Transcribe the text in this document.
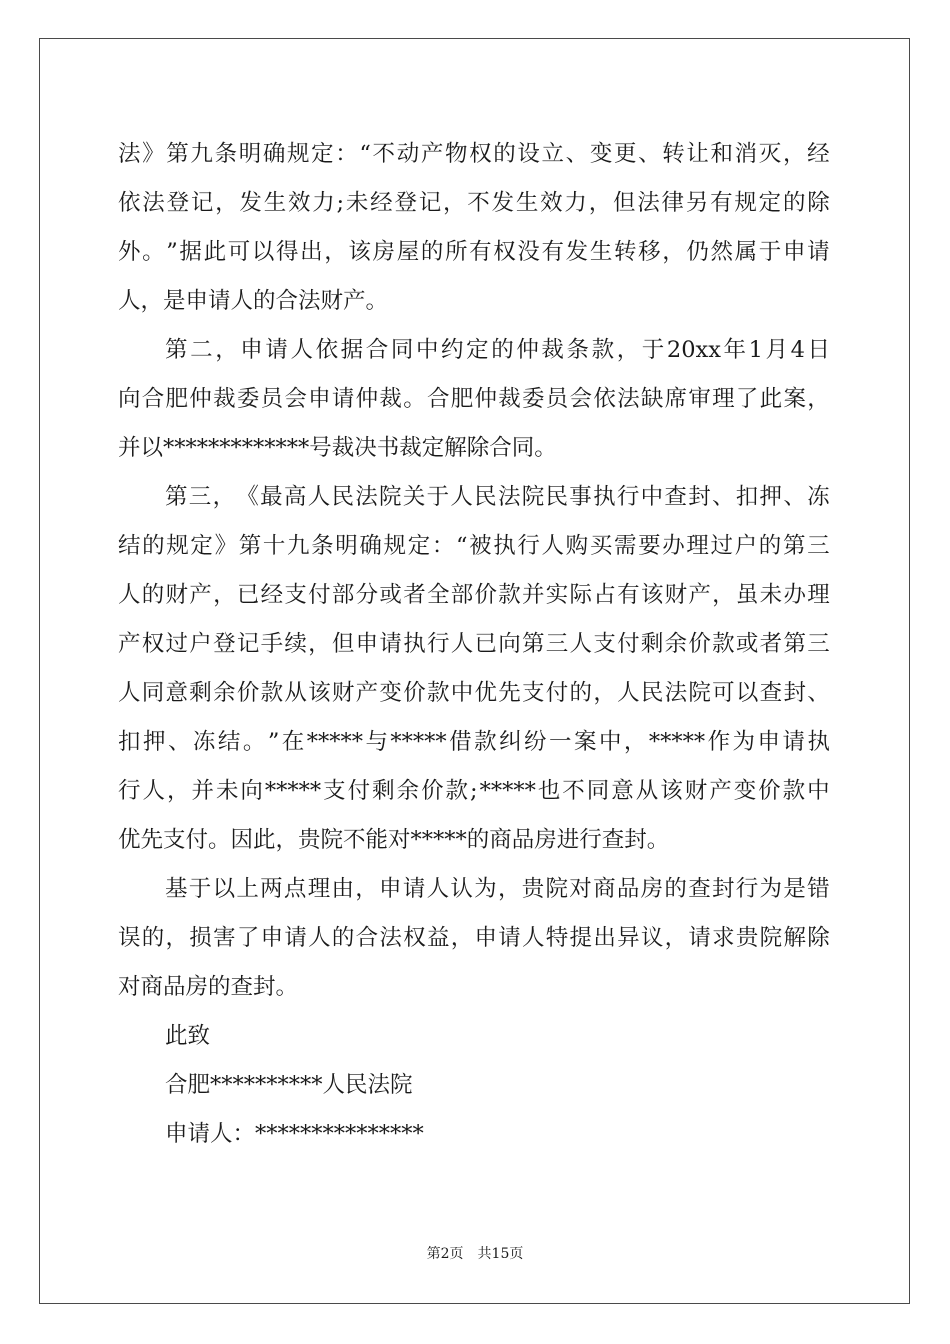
法 》 第 九 条 明 确 规 定 ： “ 不 动 产 物 权 的 设 立 、 变 更 、 转 让 和 消 灭 ， 经
依 法 登 记 ， 发 生 效 力 ; 未 经 登 记 ， 不 发 生 效 力 ， 但 法 律 另 有 规 定 的 除
外 。 ” 据 此 可 以 得 出 ， 该 房 屋 的 所 有 权 没 有 发 生 转 移 ， 仍 然 属 于 申 请
人，是申请人的合法财产。
第 二 ， 申 请 人 依 据 合 同 中 约 定 的 仲 裁 条 款 ， 于 20xx 年 1 月 4 日
向 合 肥 仲 裁 委 员 会 申 请 仲 裁 。 合 肥 仲 裁 委 员 会 依 法 缺 席 审 理 了 此 案 ，
并以*************号裁决书裁定解除合同。
第 三 ， 《 最 高 人 民 法 院 关 于 人 民 法 院 民 事 执 行 中 查 封 、 扣 押 、 冻
结 的 规 定 》 第 十 九 条 明 确 规 定 ： “ 被 执 行 人 购 买 需 要 办 理 过 户 的 第 三
人 的 财 产 ， 已 经 支 付 部 分 或 者 全 部 价 款 并 实 际 占 有 该 财 产 ， 虽 未 办 理
产 权 过 户 登 记 手 续 ， 但 申 请 执 行 人 已 向 第 三 人 支 付 剩 余 价 款 或 者 第 三
人 同 意 剩 余 价 款 从 该 财 产 变 价 款 中 优 先 支 付 的 ， 人 民 法 院 可 以 查 封 、
扣 押 、 冻 结 。 ” 在 ***** 与 ***** 借 款 纠 纷 一 案 中 ， ***** 作 为 申 请 执
行 人 ， 并 未 向 ***** 支 付 剩 余 价 款 ; ***** 也 不 同 意 从 该 财 产 变 价 款 中
优先支付。因此，贵院不能对*****的商品房进行查封。
基 于 以 上 两 点 理 由 ， 申 请 人 认 为 ， 贵 院 对 商 品 房 的 查 封 行 为 是 错
误 的 ， 损 害 了 申 请 人 的 合 法 权 益 ， 申 请 人 特 提 出 异 议 ， 请 求 贵 院 解 除
对商品房的查封。
此致
合肥**********人民法院
申请人：***************
第2页　共15页
